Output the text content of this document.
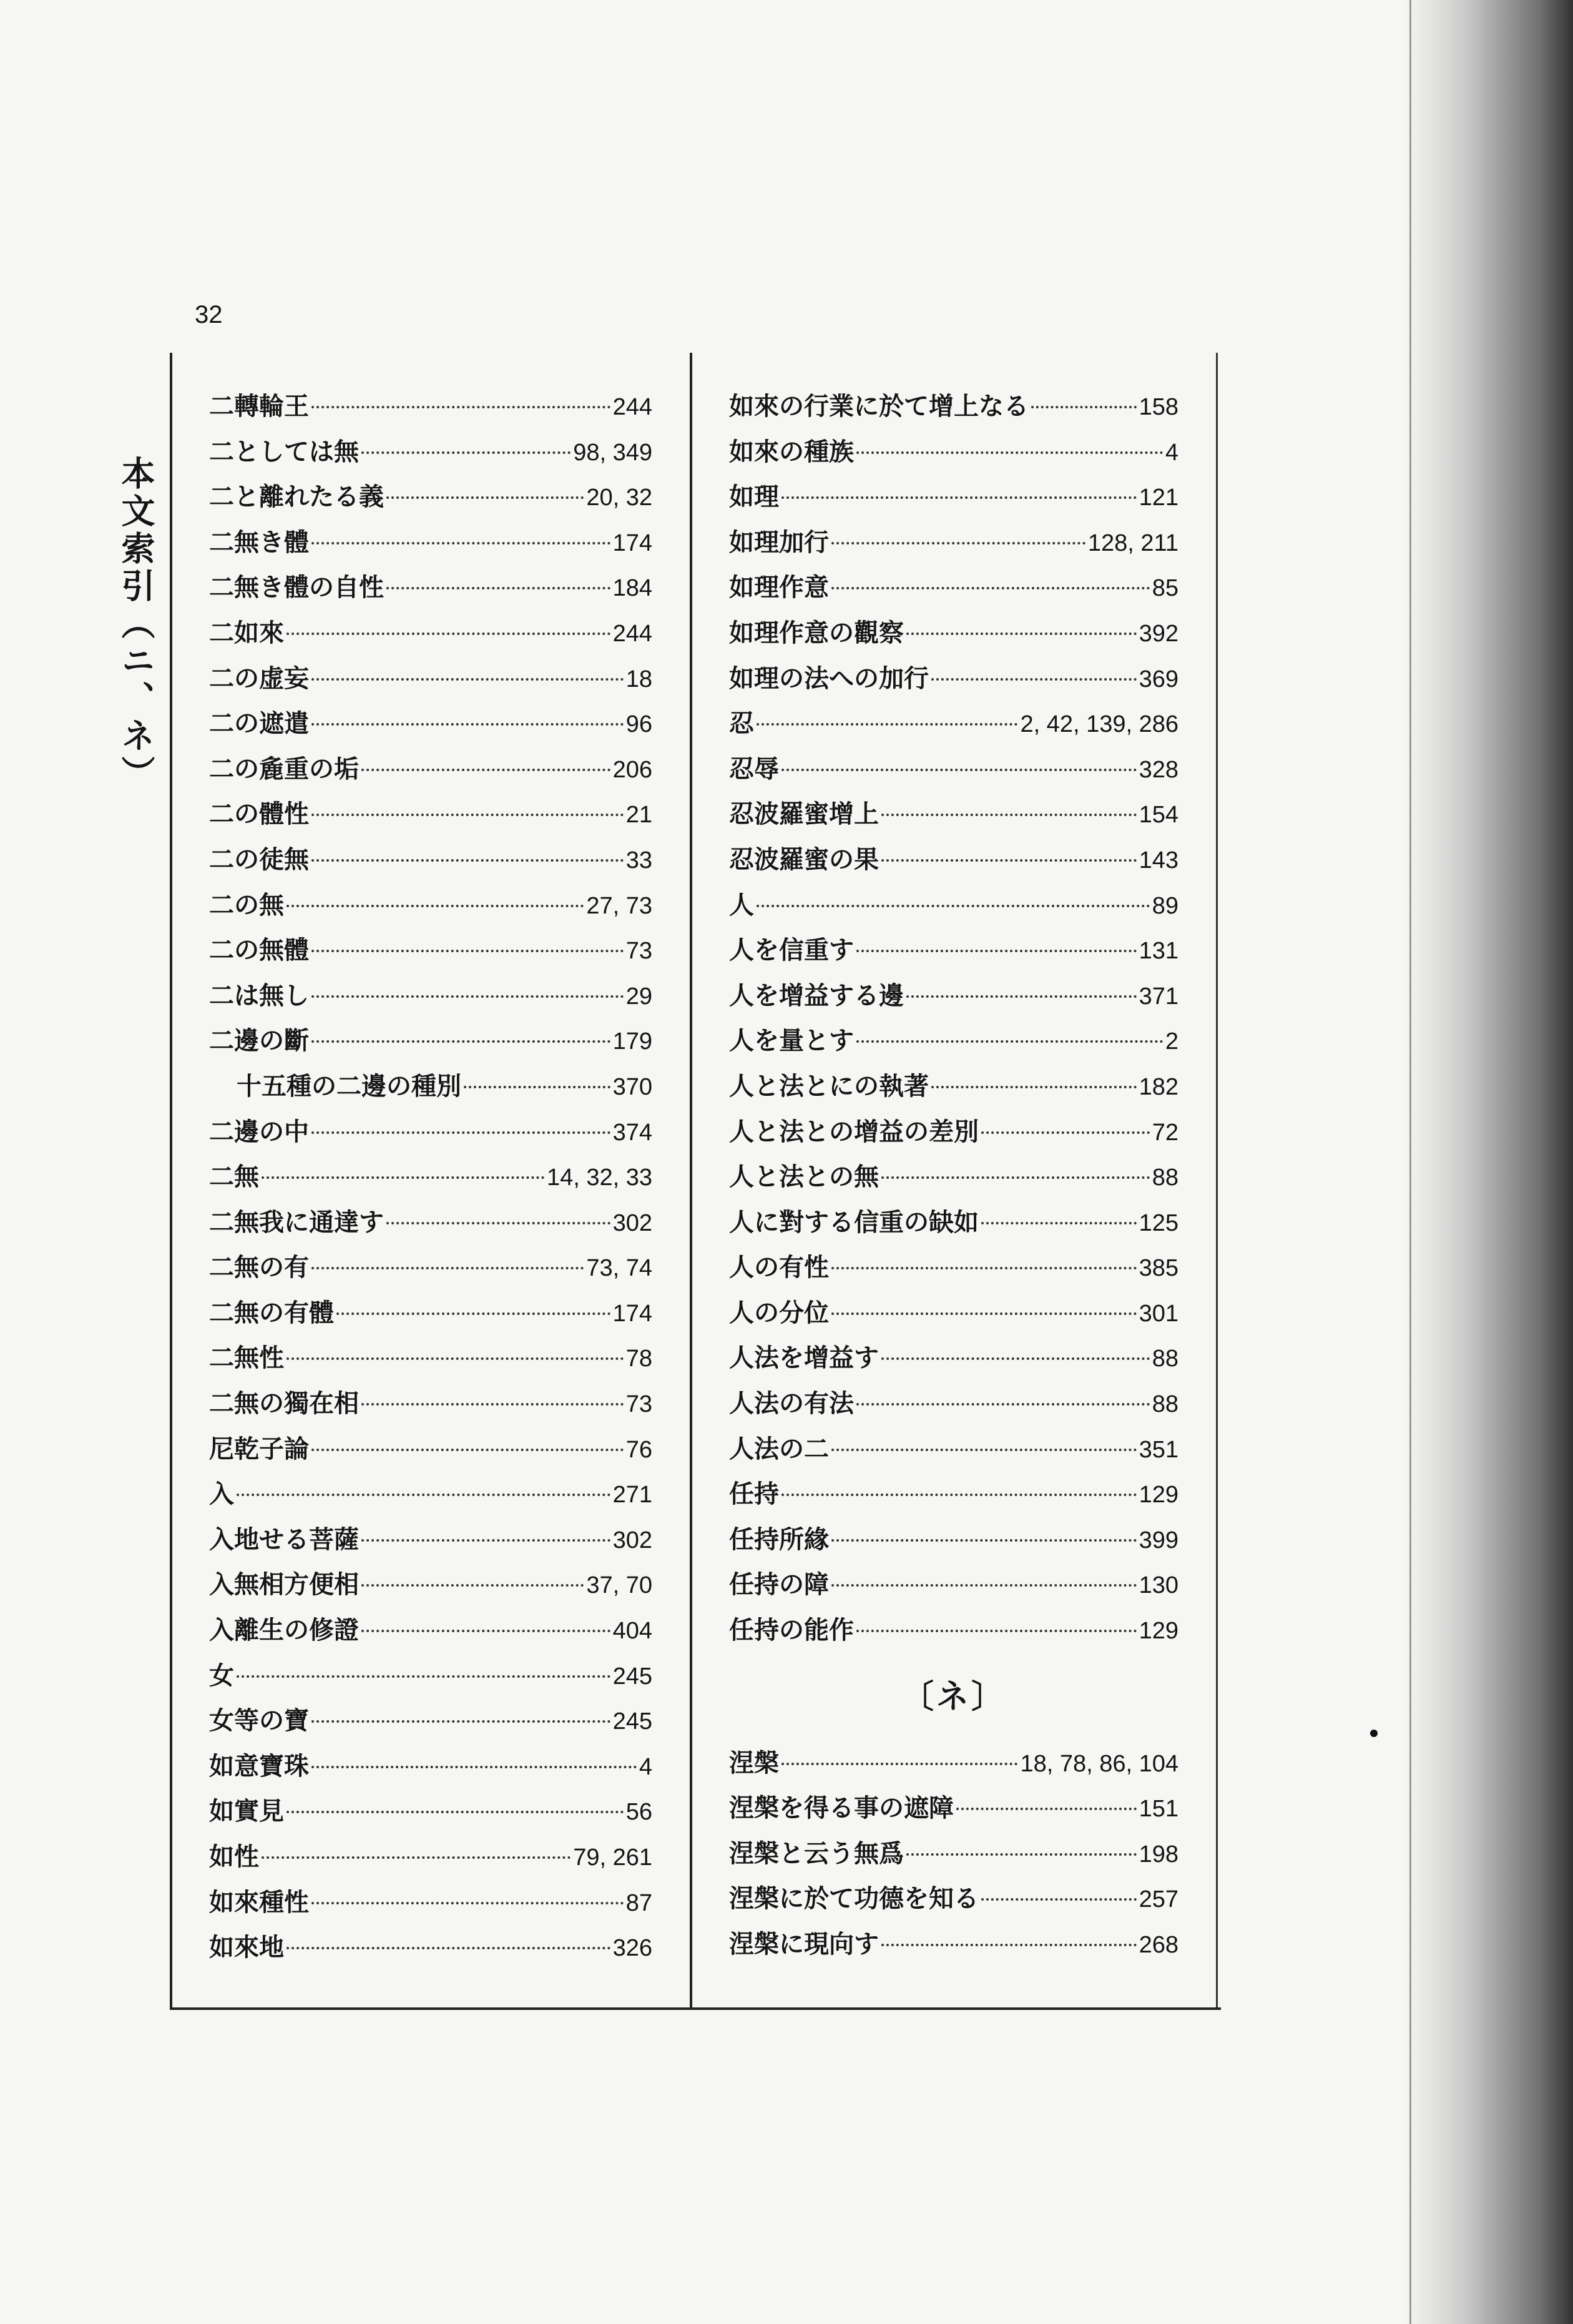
32
本文索引（ニ、ネ）
二轉輪王	244
二としては無	98, 349
二と離れたる義	20, 32
二無き體	174
二無き體の自性	184
二如來	244
二の虚妄	18
二の遮遣	96
二の麁重の垢	206
二の體性	21
二の徒無	33
二の無	27, 73
二の無體	73
二は無し	29
二邊の斷	179
十五種の二邊の種別	370
二邊の中	374
二無	14, 32, 33
二無我に通達す	302
二無の有	73, 74
二無の有體	174
二無性	78
二無の獨在相	73
尼乾子論	76
入	271
入地せる菩薩	302
入無相方便相	37, 70
入離生の修證	404
女	245
女等の寶	245
如意寶珠	4
如實見	56
如性	79, 261
如來種性	87
如來地	326
如來の行業に於て增上なる	158
如來の種族	4
如理	121
如理加行	128, 211
如理作意	85
如理作意の觀察	392
如理の法への加行	369
忍	2, 42, 139, 286
忍辱	328
忍波羅蜜增上	154
忍波羅蜜の果	143
人	89
人を信重す	131
人を增益する邊	371
人を量とす	2
人と法とにの執著	182
人と法との增益の差別	72
人と法との無	88
人に對する信重の缺如	125
人の有性	385
人の分位	301
人法を增益す	88
人法の有法	88
人法の二	351
任持	129
任持所緣	399
任持の障	130
任持の能作	129
〔ネ〕
涅槃	18, 78, 86, 104
涅槃を得る事の遮障	151
涅槃と云う無爲	198
涅槃に於て功德を知る	257
涅槃に現向す	268
